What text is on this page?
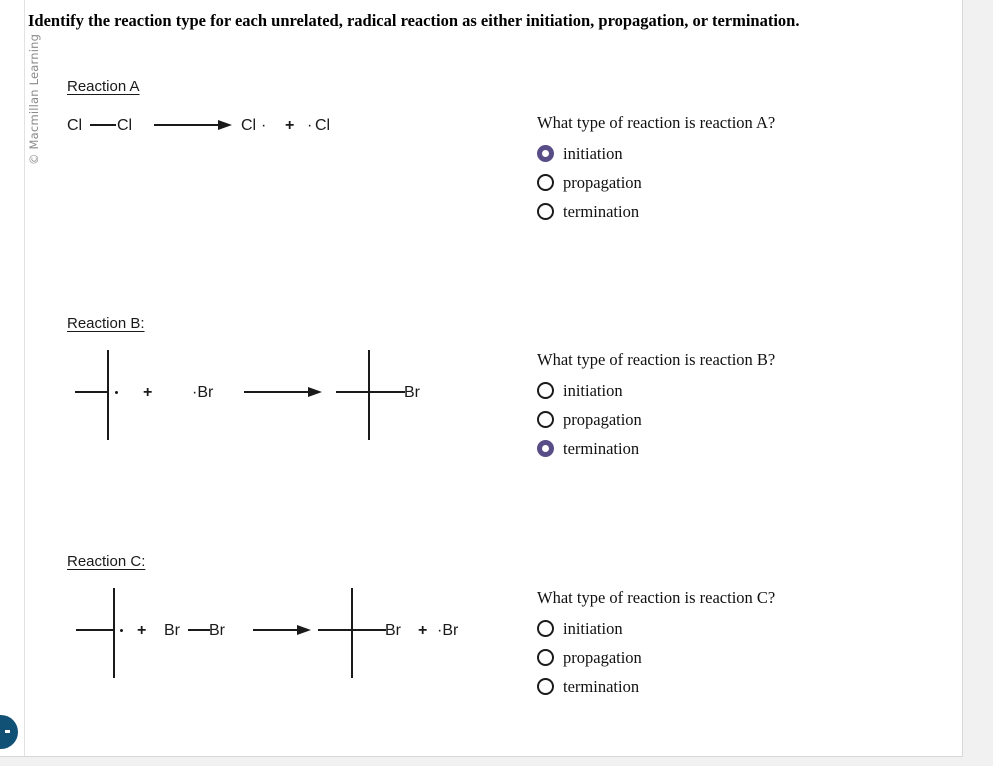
© Macmillan Learning
Identify the reaction type for each unrelated, radical reaction as either initiation, propagation, or termination.
Reaction A
Cl Cl	Cl · + · Cl
Reaction B:
+ ·Br	Br
Reaction C:
+ Br Br	Br + ·Br
What type of reaction is reaction A?
initiation
propagation
termination
What type of reaction is reaction B?
initiation
propagation
termination
What type of reaction is reaction C?
initiation
propagation
termination
